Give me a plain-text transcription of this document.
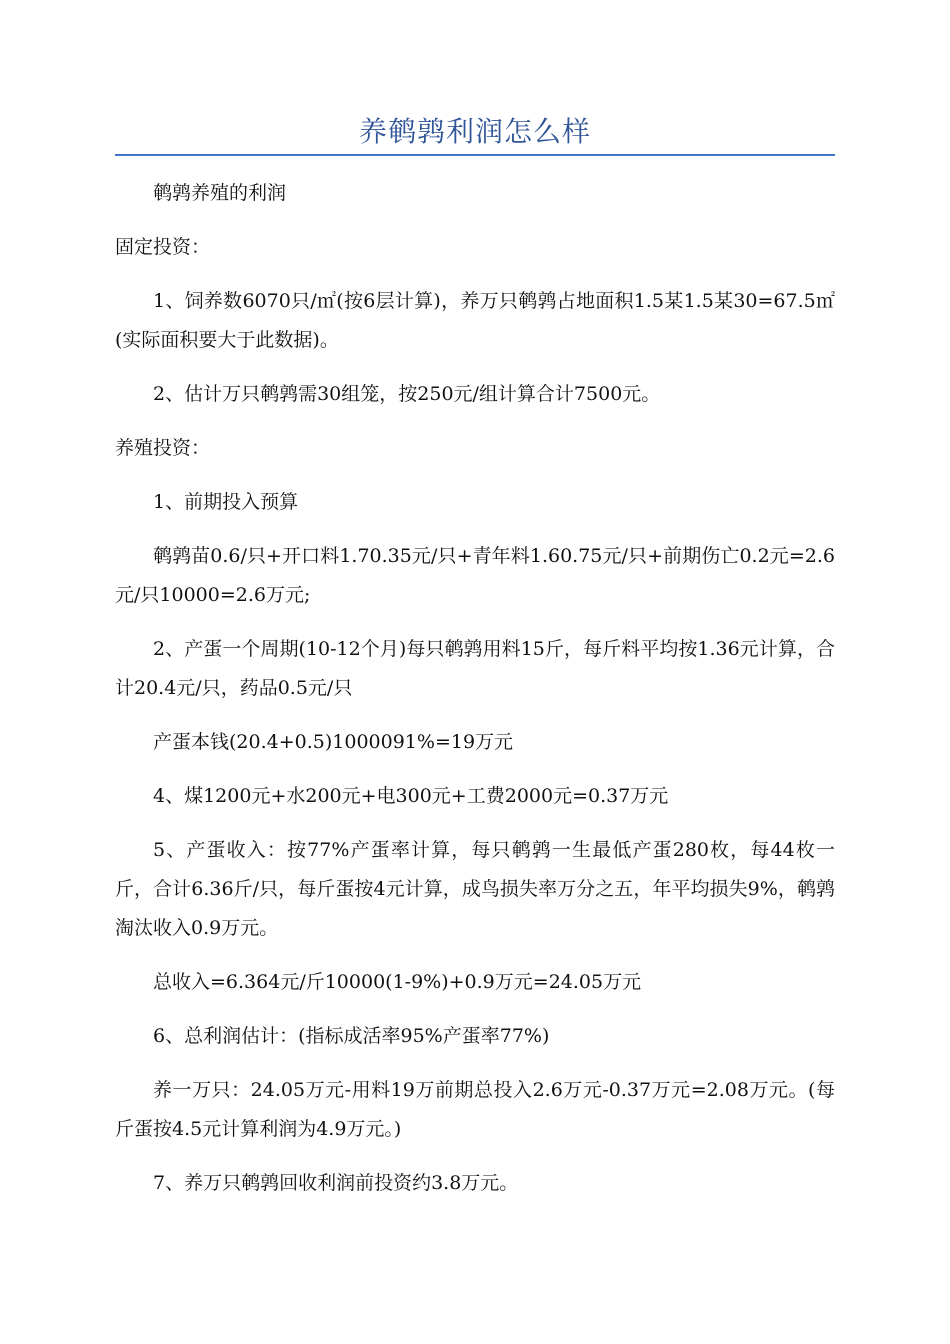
养鹌鹑利润怎么样

鹌鹑养殖的利润

固定投资：

1、饲养数6070只/㎡(按6层计算)，养万只鹌鹑占地面积1.5某1.5某30=67.5㎡(实际面积要大于此数据)。

2、估计万只鹌鹑需30组笼，按250元/组计算合计7500元。

养殖投资：

1、前期投入预算

鹌鹑苗0.6/只+开口料1.70.35元/只+青年料1.60.75元/只+前期伤亡0.2元=2.6元/只10000=2.6万元;

2、产蛋一个周期(10-12个月)每只鹌鹑用料15斤，每斤料平均按1.36元计算，合计20.4元/只，药品0.5元/只

产蛋本钱(20.4+0.5)1000091%=19万元

4、煤1200元+水200元+电300元+工费2000元=0.37万元

5、产蛋收入：按77%产蛋率计算，每只鹌鹑一生最低产蛋280枚，每44枚一斤，合计6.36斤/只，每斤蛋按4元计算，成鸟损失率万分之五，年平均损失9%，鹌鹑淘汰收入0.9万元。

总收入=6.364元/斤10000(1-9%)+0.9万元=24.05万元

6、总利润估计：(指标成活率95%产蛋率77%)

养一万只：24.05万元-用料19万前期总投入2.6万元-0.37万元=2.08万元。(每斤蛋按4.5元计算利润为4.9万元。)

7、养万只鹌鹑回收利润前投资约3.8万元。
